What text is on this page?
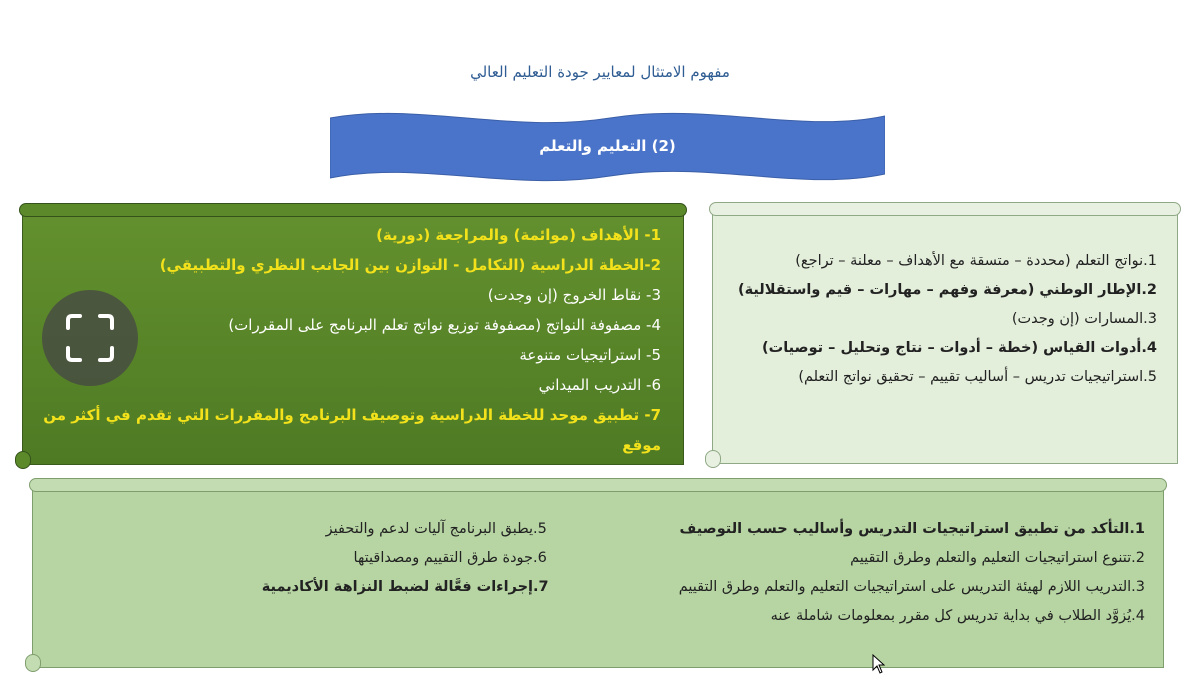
مفهوم الامتثال لمعايير جودة التعليم العالي
(2) التعليم والتعلم
1- الأهداف (موائمة) والمراجعة (دورية)
2-الخطة الدراسية (التكامل - التوازن بين الجانب النظري والتطبيقي)
3- نقاط الخروج (إن وجدت)
4- مصفوفة النواتج (مصفوفة توزيع نواتج تعلم البرنامج على المقررات)
5- استراتيجيات متنوعة
6- التدريب الميداني
7- تطبيق موحد للخطة الدراسية وتوصيف البرنامج والمقررات التي تقدم في أكثر من موقع
1.نواتج التعلم (محددة – متسقة مع الأهداف – معلنة – تراجع)
2.الإطار الوطني (معرفة وفهم – مهارات – قيم واستقلالية)
3.المسارات (إن وجدت)
4.أدوات القياس (خطة – أدوات – نتاج وتحليل – توصيات)
5.استراتيجيات تدريس – أساليب تقييم – تحقيق نواتج التعلم)
1.التأكد من تطبيق استراتيجيات التدريس وأساليب حسب التوصيف
2.تتنوع استراتيجيات التعليم والتعلم وطرق التقييم
3.التدريب اللازم لهيئة التدريس على استراتيجيات التعليم والتعلم وطرق التقييم
4.يُزوَّد الطلاب في بداية تدريس كل مقرر بمعلومات شاملة عنه
5.
يطبق البرنامج آليات لدعم والتحفيز
6.
جودة طرق التقييم ومصداقيتها
7.
إجراءات فعَّالة لضبط النزاهة الأكاديمية
